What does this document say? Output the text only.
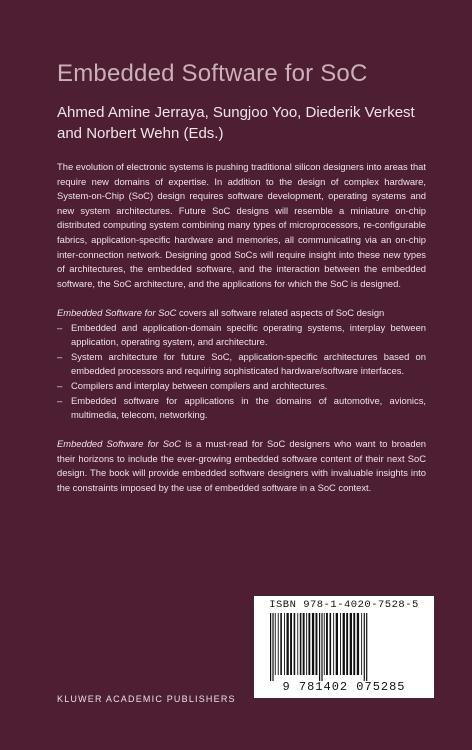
Embedded Software for SoC
Ahmed Amine Jerraya, Sungjoo Yoo, Diederik Verkest and Norbert Wehn (Eds.)

The evolution of electronic systems is pushing traditional silicon designers into areas that require new domains of expertise. In addition to the design of complex hardware, System-on-Chip (SoC) design requires software development, operating systems and new system architectures. Future SoC designs will resemble a miniature on-chip distributed computing system combining many types of microprocessors, re-configurable fabrics, application-specific hardware and memories, all communicating via an on-chip inter-connection network. Designing good SoCs will require insight into these new types of architectures, the embedded software, and the interaction between the embedded software, the SoC architecture, and the applications for which the SoC is designed.

Embedded Software for SoC covers all software related aspects of SoC design

– Embedded and application-domain specific operating systems, interplay between application, operating system, and architecture.
– System architecture for future SoC, application-specific architectures based on embedded processors and requiring sophisticated hardware/software interfaces.
– Compilers and interplay between compilers and architectures.
– Embedded software for applications in the domains of automotive, avionics, multimedia, telecom, networking.

Embedded Software for SoC is a must-read for SoC designers who want to broaden their horizons to include the ever-growing embedded software content of their next SoC design. The book will provide embedded software designers with invaluable insights into the constraints imposed by the use of embedded software in a SoC context.

ISBN 978-1-4020-7528-5
9 781402 075285
KLUWER ACADEMIC PUBLISHERS
